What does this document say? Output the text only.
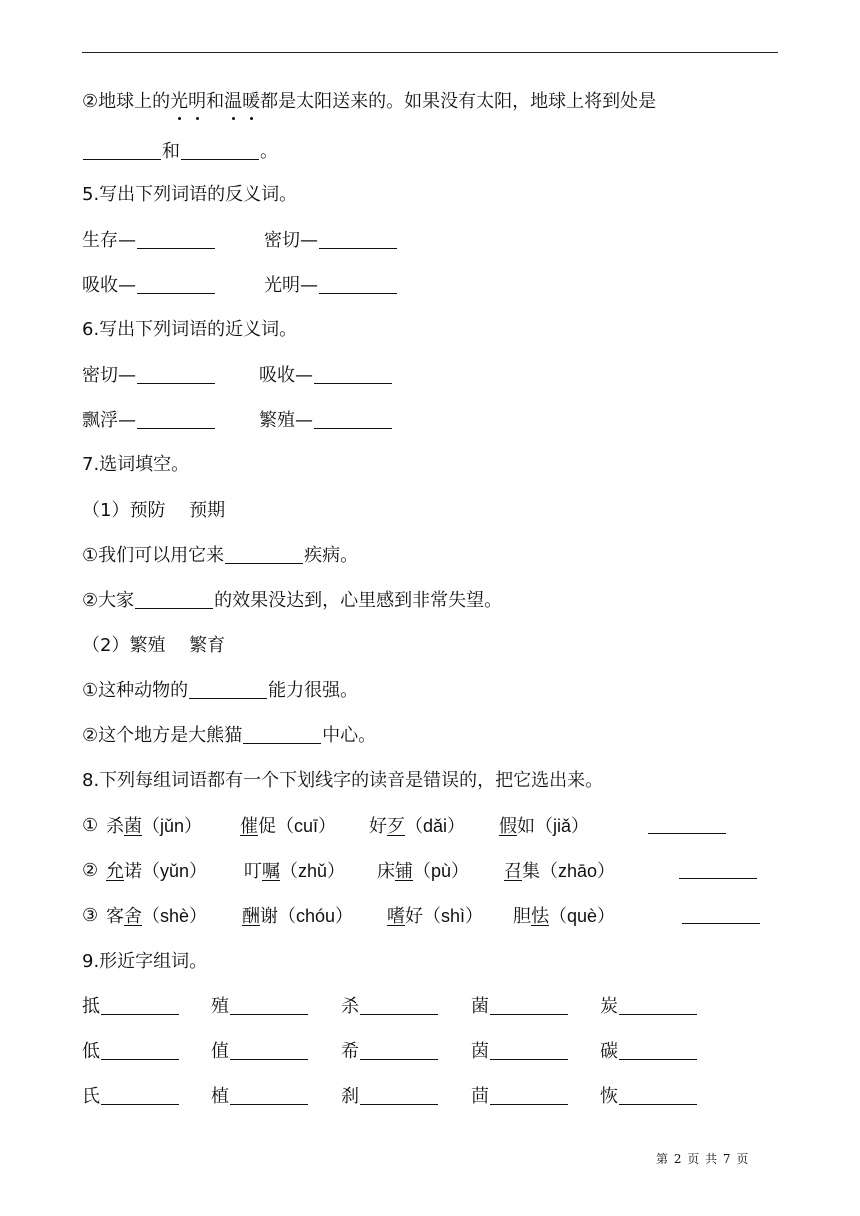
②地球上的光明和温暖都是太阳送来的。如果没有太阳，地球上将到处是
和	。
5.写出下列词语的反义词。
生存—	密切—
吸收—	光明—
6.写出下列词语的近义词。
密切—	吸收—
飘浮—	繁殖—
7.选词填空。
（1）预防　 预期
①我们可以用它来	疾病。
②大家	的效果没达到，心里感到非常失望。
（2）繁殖　 繁育
①这种动物的	能力很强。
②这个地方是大熊猫	中心。
8.下列每组词语都有一个下划线字的读音是错误的，把它选出来。
① 杀菌（jǔn） 催促（cuī） 好歹（dǎi） 假如（jiǎ）
② 允诺（yǔn） 叮嘱（zhǔ） 床铺（pù） 召集（zhāo）
③ 客舍（shè） 酬谢（chóu） 嗜好（shì） 胆怯（què）
9.形近字组词。
抵	殖	杀	菌	炭
低	值	希	茵	碳
氏	植	刹	茴	恢
第 2 页 共 7 页
